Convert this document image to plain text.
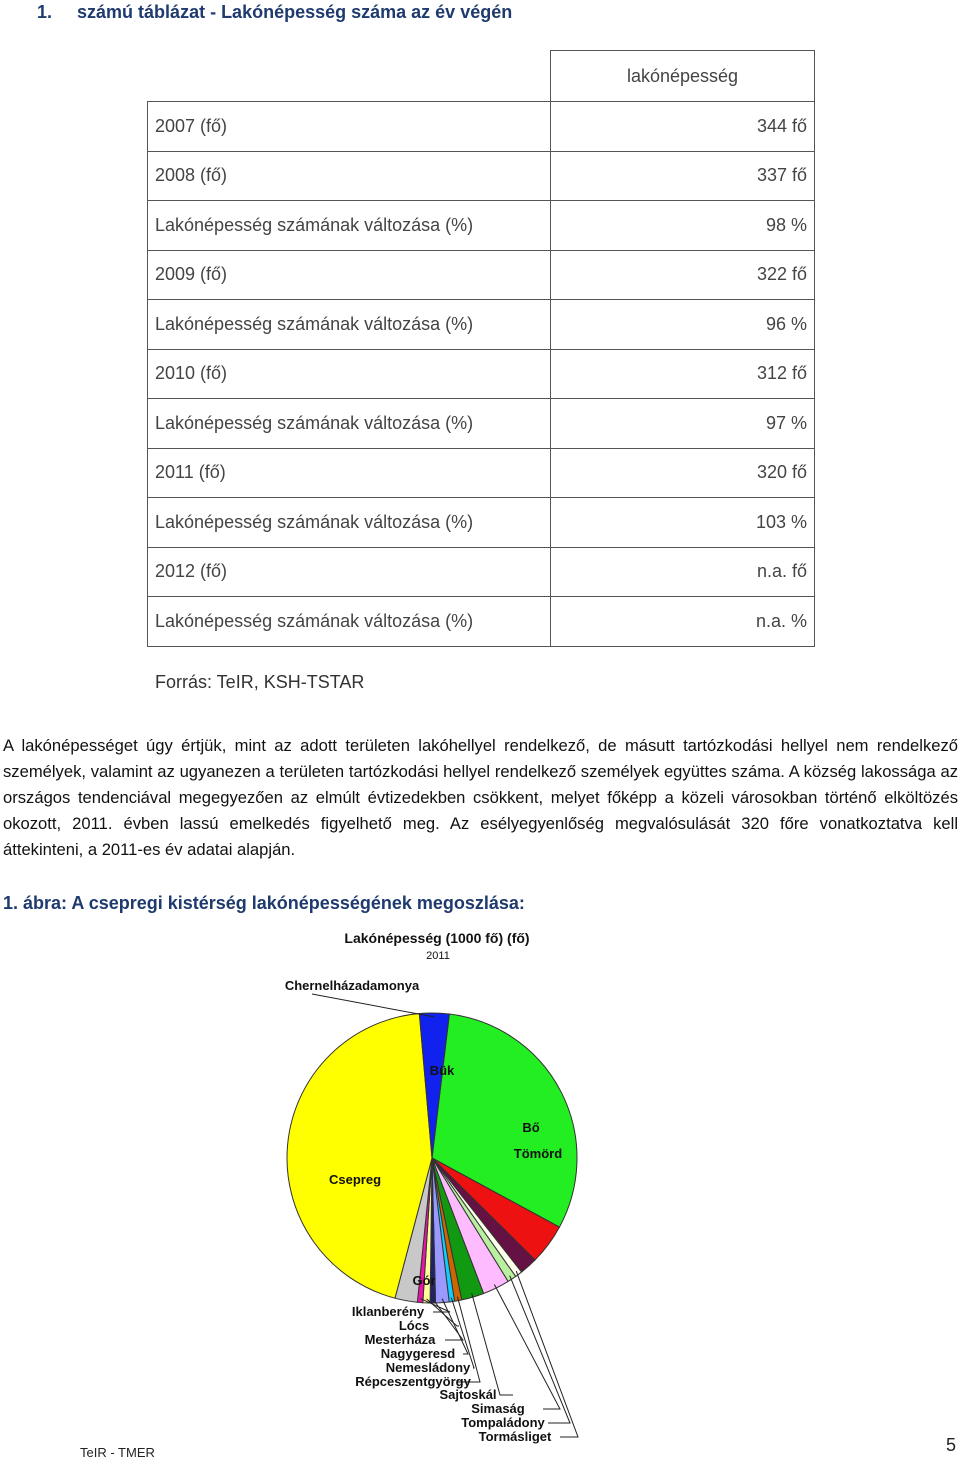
1. számú táblázat - Lakónépesség száma az év végén
	lakónépesség
2007 (fő)	344 fő
2008 (fő)	337 fő
Lakónépesség számának változása (%)	98 %
2009 (fő)	322 fő
Lakónépesség számának változása (%)	96 %
2010 (fő)	312 fő
Lakónépesség számának változása (%)	97 %
2011 (fő)	320 fő
Lakónépesség számának változása (%)	103 %
2012 (fő)	n.a. fő
Lakónépesség számának változása (%)	n.a. %
Forrás: TeIR, KSH-TSTAR
A lakónépességet úgy értjük, mint az adott területen lakóhellyel rendelkező, de másutt tartózkodási hellyel nem rendelkező személyek, valamint az ugyanezen a területen tartózkodási hellyel rendelkező személyek együttes száma. A község lakossága az országos tendenciával megegyezően az elmúlt évtizedekben csökkent, melyet főképp a közeli városokban történő elköltözés okozott, 2011. évben lassú emelkedés figyelhető meg. Az esélyegyenlőség megvalósulását 320 főre vonatkoztatva kell áttekinteni, a 2011-es év adatai alapján.
1. ábra: A csepregi kistérség lakónépességének megoszlása:
Lakónépesség (1000 fő) (fő)
2011
Bük
Bő
Tömörd
Tormásliget
Tompaládony
Simaság
Sajtoskál
Répceszentgyörgy
Nemesládony
Nagygeresd
Mesterháza
Lócs
Iklanberény
Gór
Csepreg
Chernelházadamonya
TeIR - TMER	5
